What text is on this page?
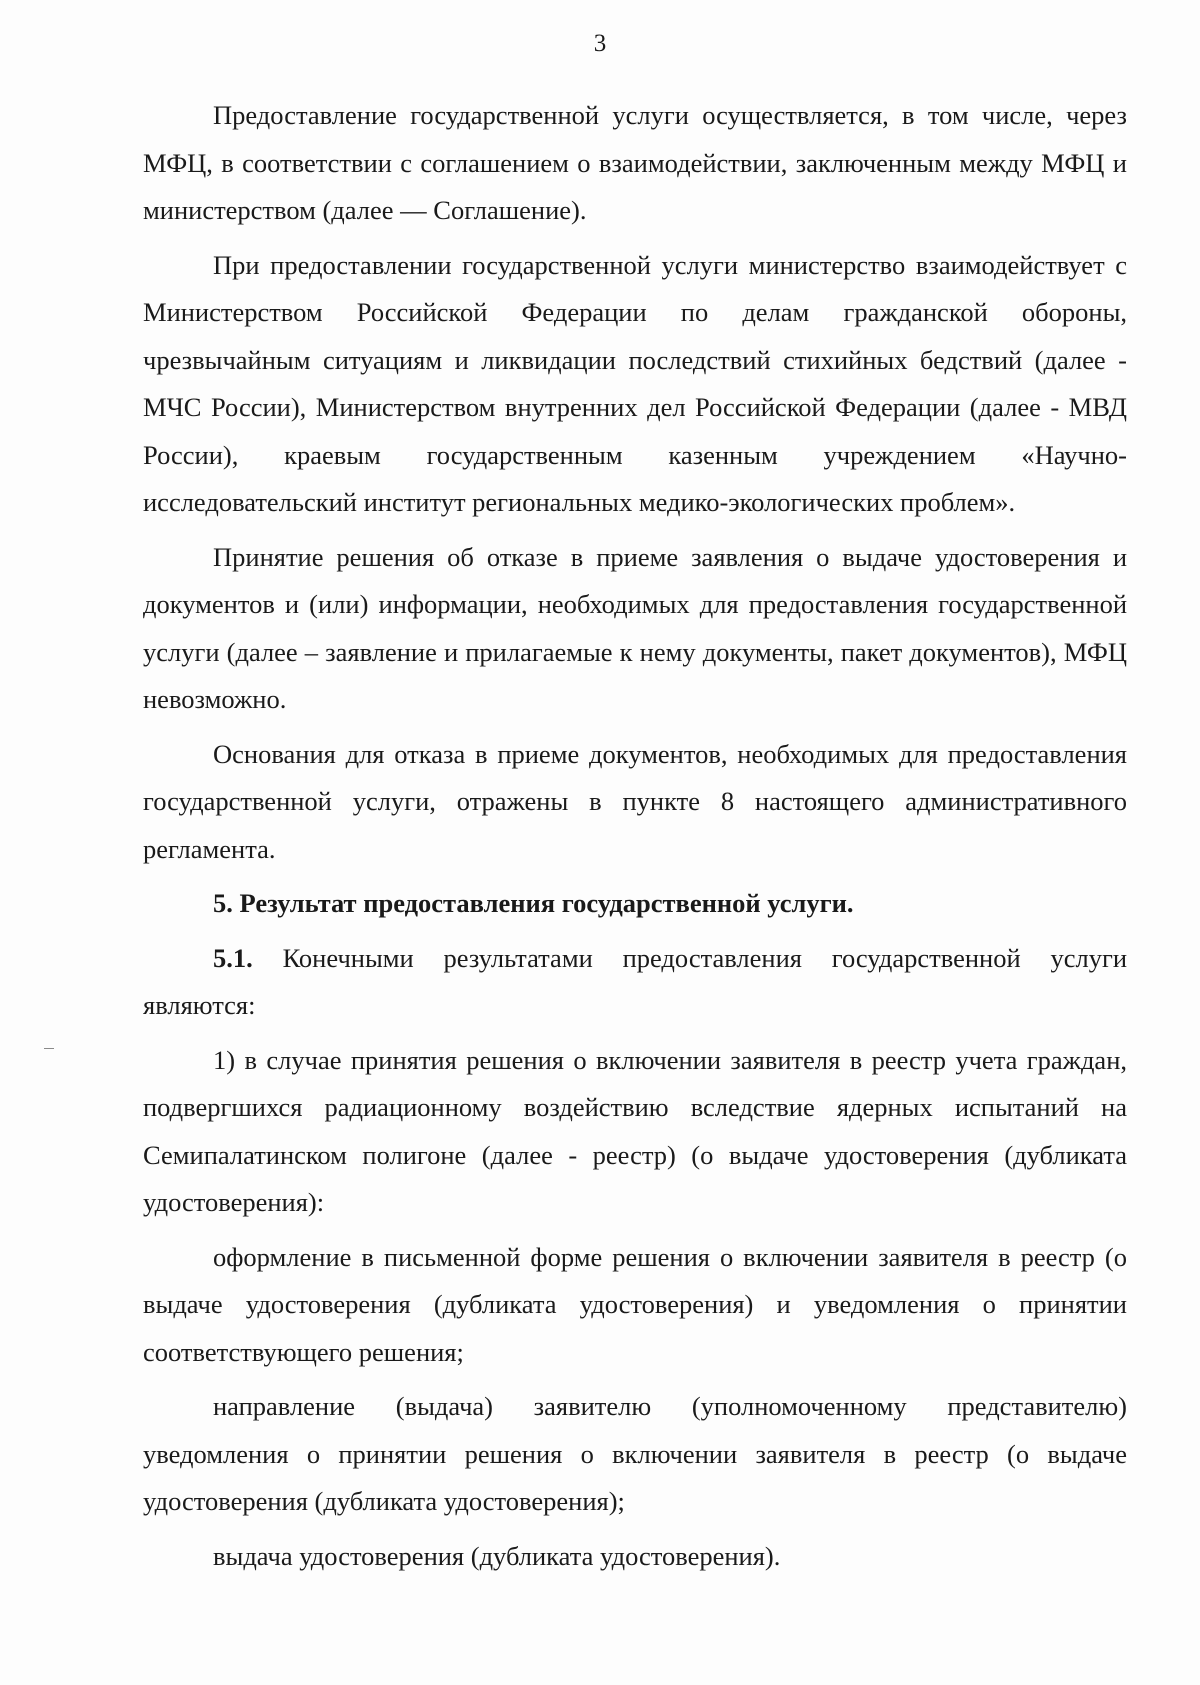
3

Предоставление государственной услуги осуществляется, в том числе, через МФЦ, в соответствии с соглашением о взаимодействии, заключенным между МФЦ и министерством (далее — Соглашение).

При предоставлении государственной услуги министерство взаимодействует с Министерством Российской Федерации по делам гражданской обороны, чрезвычайным ситуациям и ликвидации последствий стихийных бедствий (далее - МЧС России), Министерством внутренних дел Российской Федерации (далее - МВД России), краевым государственным казенным учреждением «Научно-исследовательский институт региональных медико-экологических проблем».

Принятие решения об отказе в приеме заявления о выдаче удостоверения и документов и (или) информации, необходимых для предоставления государственной услуги (далее – заявление и прилагаемые к нему документы, пакет документов), МФЦ невозможно.

Основания для отказа в приеме документов, необходимых для предоставления государственной услуги, отражены в пункте 8 настоящего административного регламента.

5. Результат предоставления государственной услуги.

5.1. Конечными результатами предоставления государственной услуги являются:

1) в случае принятия решения о включении заявителя в реестр учета граждан, подвергшихся радиационному воздействию вследствие ядерных испытаний на Семипалатинском полигоне (далее - реестр) (о выдаче удостоверения (дубликата удостоверения):

оформление в письменной форме решения о включении заявителя в реестр (о выдаче удостоверения (дубликата удостоверения) и уведомления о принятии соответствующего решения;

направление (выдача) заявителю (уполномоченному представителю) уведомления о принятии решения о включении заявителя в реестр (о выдаче удостоверения (дубликата удостоверения);

выдача удостоверения (дубликата удостоверения).
